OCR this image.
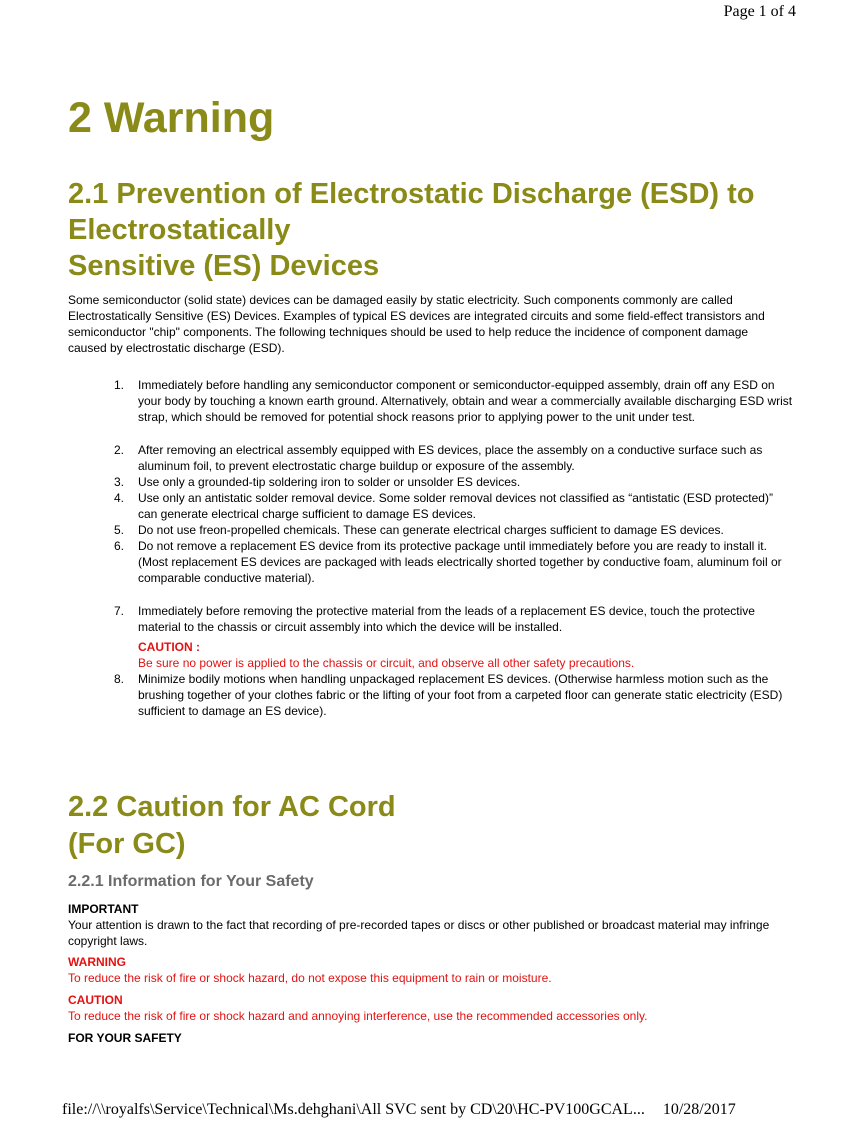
Page 1 of 4
2 Warning
2.1 Prevention of Electrostatic Discharge (ESD) to
Electrostatically
Sensitive (ES) Devices

Some semiconductor (solid state) devices can be damaged easily by static electricity. Such components commonly are called Electrostatically Sensitive (ES) Devices. Examples of typical ES devices are integrated circuits and some field-effect transistors and semiconductor "chip" components. The following techniques should be used to help reduce the incidence of component damage caused by electrostatic discharge (ESD).

1. Immediately before handling any semiconductor component or semiconductor-equipped assembly, drain off any ESD on your body by touching a known earth ground. Alternatively, obtain and wear a commercially available discharging ESD wrist strap, which should be removed for potential shock reasons prior to applying power to the unit under test.
2. After removing an electrical assembly equipped with ES devices, place the assembly on a conductive surface such as aluminum foil, to prevent electrostatic charge buildup or exposure of the assembly.
3. Use only a grounded-tip soldering iron to solder or unsolder ES devices.
4. Use only an antistatic solder removal device. Some solder removal devices not classified as “antistatic (ESD protected)” can generate electrical charge sufficient to damage ES devices.
5. Do not use freon-propelled chemicals. These can generate electrical charges sufficient to damage ES devices.
6. Do not remove a replacement ES device from its protective package until immediately before you are ready to install it. (Most replacement ES devices are packaged with leads electrically shorted together by conductive foam, aluminum foil or comparable conductive material).
7. Immediately before removing the protective material from the leads of a replacement ES device, touch the protective material to the chassis or circuit assembly into which the device will be installed.
CAUTION :
Be sure no power is applied to the chassis or circuit, and observe all other safety precautions.
8. Minimize bodily motions when handling unpackaged replacement ES devices. (Otherwise harmless motion such as the brushing together of your clothes fabric or the lifting of your foot from a carpeted floor can generate static electricity (ESD) sufficient to damage an ES device).
2.2 Caution for AC Cord
(For GC)
2.2.1 Information for Your Safety
IMPORTANT
Your attention is drawn to the fact that recording of pre-recorded tapes or discs or other published or broadcast material may infringe copyright laws.
WARNING
To reduce the risk of fire or shock hazard, do not expose this equipment to rain or moisture.
CAUTION
To reduce the risk of fire or shock hazard and annoying interference, use the recommended accessories only.
FOR YOUR SAFETY
file://\\royalfs\Service\Technical\Ms.dehghani\All SVC sent by CD\20\HC-PV100GCAL... 10/28/2017
